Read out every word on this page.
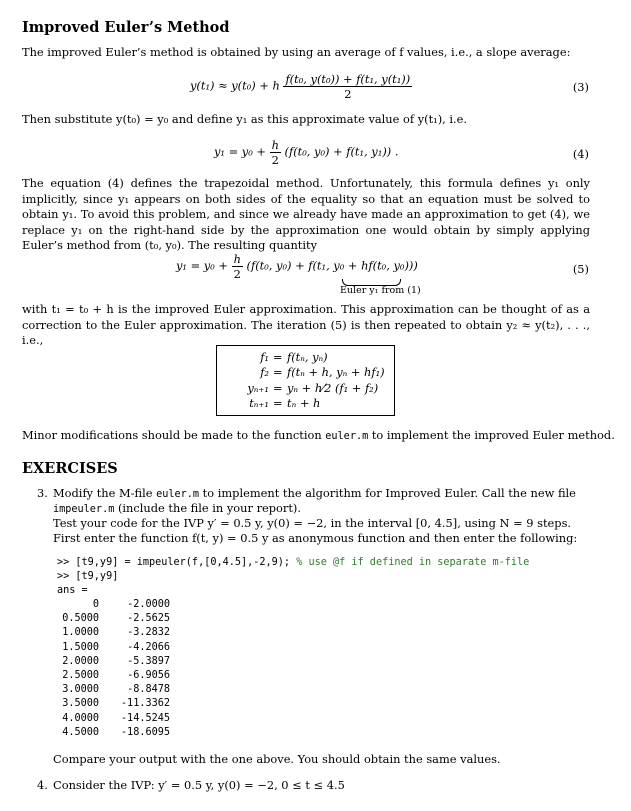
Improved Euler’s Method
The improved Euler’s method is obtained by using an average of f values, i.e., a slope average:
y(t₁) ≈ y(t₀) + h $\frac{\text{f(t₀, y(t₀)) + f(t₁, y(t₁))}}{2}$	(3)
Then substitute y(t₀) = y₀ and define y₁ as this approximate value of y(t₁), i.e.
$y_1 = y_0 + \frac{h}{2} (f(t_0$, y₀) + f(t₁, y₁)) .	(4)
The equation (4) defines the trapezoidal method. Unfortunately, this formula defines y₁ only implicitly, since y₁ appears on both sides of the equality so that an equation must be solved to obtain y₁. To avoid this problem, and since we already have made an approximation to get (4), we replace y₁ on the right-hand side by the approximation one would obtain by simply applying Euler’s method from (t₀, y₀). The resulting quantity
$y_1 = y_0 + \frac{h}{2} (f(t_0$, y₀) + f(t₁, y₀ + hf(t₀, y₀)))
Euler y₁ from (1)
(5)
with t₁ = t₀ + h is the improved Euler approximation. This approximation can be thought of as a correction to the Euler approximation. The iteration (5) is then repeated to obtain y₂ ≈ y(t₂), . . ., i.e.,
f₁ = f(tₙ, yₙ)
f₂ = f(tₙ + h, yₙ + hf₁)
yₙ₊₁ = yₙ + h⁄2 (f₁ + f₂)
tₙ₊₁ = tₙ + h
Minor modifications should be made to the function euler.m to implement the improved Euler method.
EXERCISES
3. Modify the M-file euler.m to implement the algorithm for Improved Euler. Call the new file
impeuler.m (include the file in your report).
Test your code for the IVP y′ = 0.5 y, y(0) = −2, in the interval [0, 4.5], using N = 9 steps.
First enter the function f(t, y) = 0.5 y as anonymous function and then enter the following:
>> [t9,y9] = impeuler(f,[0,4.5],-2,9); % use @f if defined in separate m-file
>> [t9,y9]
ans =
0
0.5000
1.0000
1.5000
2.0000
2.5000
3.0000
3.5000
4.0000
4.5000
-2.0000
-2.5625
-3.2832
-4.2066
-5.3897
-6.9056
-8.8478
-11.3362
-14.5245
-18.6095
Compare your output with the one above. You should obtain the same values.
4. Consider the IVP: y′ = 0.5 y, y(0) = −2, 0 ≤ t ≤ 4.5
